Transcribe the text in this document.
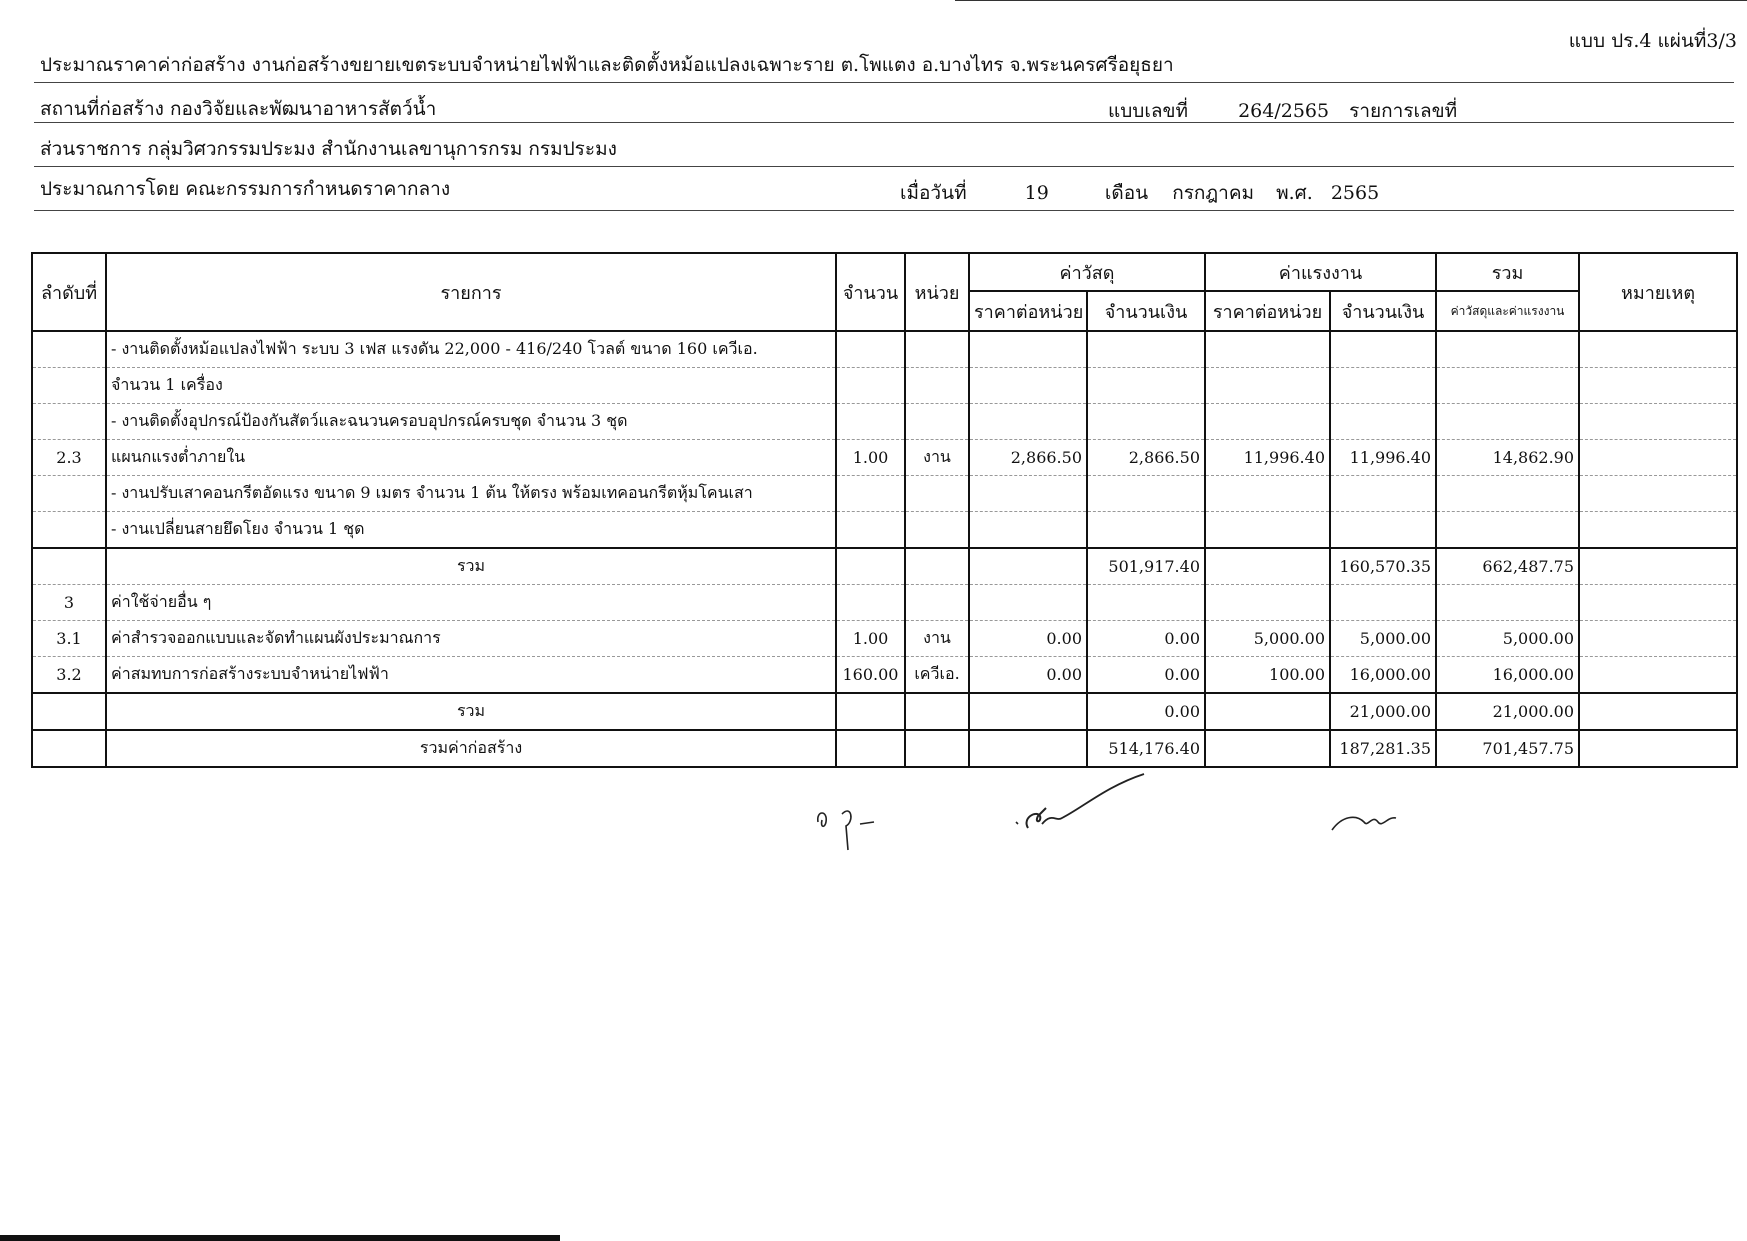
แบบ ปร.4 แผ่นที่3/3
ประมาณราคาค่าก่อสร้าง งานก่อสร้างขยายเขตระบบจำหน่ายไฟฟ้าและติดตั้งหม้อแปลงเฉพาะราย ต.โพแตง อ.บางไทร จ.พระนครศรีอยุธยา
สถานที่ก่อสร้าง กองวิจัยและพัฒนาอาหารสัตว์น้ำ	แบบเลขที่	264/2565 รายการเลขที่
ส่วนราชการ กลุ่มวิศวกรรมประมง สำนักงานเลขานุการกรม กรมประมง
ประมาณการโดย คณะกรรมการกำหนดราคากลาง	เมื่อวันที่	19	เดือน กรกฎาคม พ.ศ. 2565
ลำดับที่	รายการ	จำนวน	หน่วย	ค่าวัสดุ		ค่าแรงงาน		รวม	หมายเหตุ
				ราคาต่อหน่วย	จำนวนเงิน	ราคาต่อหน่วย	จำนวนเงิน	ค่าวัสดุและค่าแรงงาน	
	- งานติดตั้งหม้อแปลงไฟฟ้า ระบบ 3 เฟส แรงดัน 22,000 - 416/240 โวลต์ ขนาด 160 เควีเอ.								
	จำนวน 1 เครื่อง								
	- งานติดตั้งอุปกรณ์ป้องกันสัตว์และฉนวนครอบอุปกรณ์ครบชุด จำนวน 3 ชุด								
2.3	แผนกแรงต่ำภายใน	1.00	งาน	2,866.50	2,866.50	11,996.40	11,996.40	14,862.90	
	- งานปรับเสาคอนกรีตอัดแรง ขนาด 9 เมตร จำนวน 1 ต้น ให้ตรง พร้อมเทคอนกรีตหุ้มโคนเสา								
	- งานเปลี่ยนสายยึดโยง จำนวน 1 ชุด								
	รวม				501,917.40		160,570.35	662,487.75	
3	ค่าใช้จ่ายอื่น ๆ								
3.1	ค่าสำรวจออกแบบและจัดทำแผนผังประมาณการ	1.00	งาน	0.00	0.00	5,000.00	5,000.00	5,000.00	
3.2	ค่าสมทบการก่อสร้างระบบจำหน่ายไฟฟ้า	160.00	เควีเอ.	0.00	0.00	100.00	16,000.00	16,000.00	
	รวม				0.00		21,000.00	21,000.00	
	รวมค่าก่อสร้าง				514,176.40		187,281.35	701,457.75	
